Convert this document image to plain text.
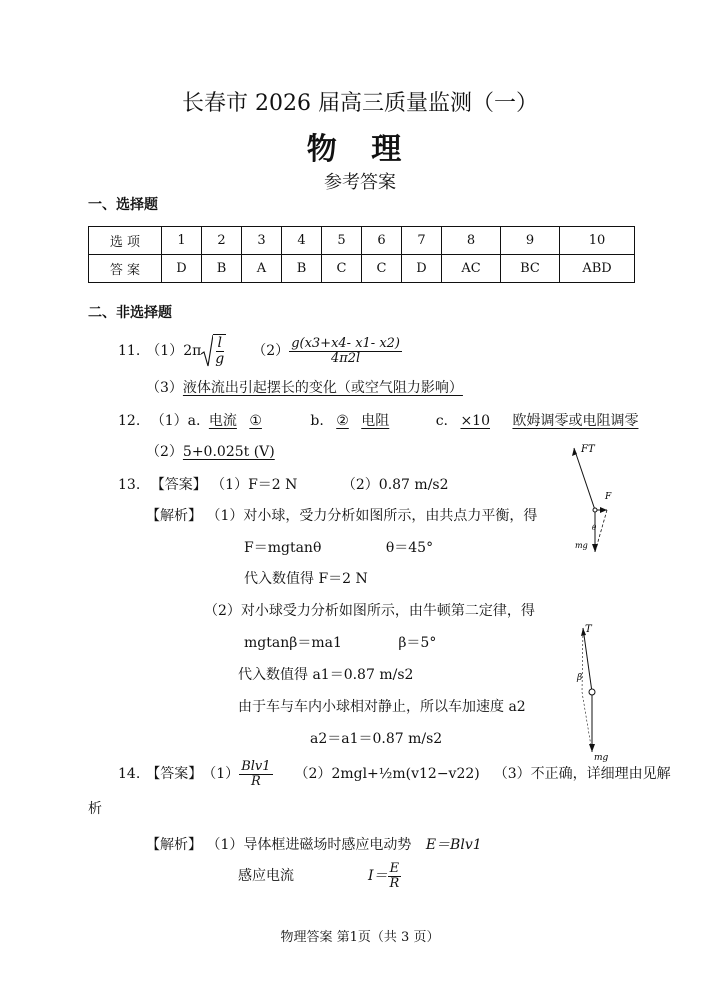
长春市 2026 届高三质量监测（一）
物 理
参考答案
一、选择题
选 项	1	2	3	4	5	6	7	8	9	10
答 案	D	B	A	B	C	C	D	AC	BC	ABD
二、非选择题
11. （1） $2\pi \frac{l}{g} (2) \frac{g(x3+x4- x1- x2)}{4\pi 2l}$
（3）液体流出引起摆长的变化（或空气阻力影响）
12. （1）a. 电流 ①	b. ② 电阻	c. ×10 欧姆调零或电阻调零
（2）5+0.025t (V)
13. 【答案】 （1）F＝2 N	（2）0.87 m/s2
【解析】 （1）对小球，受力分析如图所示，由共点力平衡，得
F＝mgtanθ	θ＝45°
代入数值得 F＝2 N
（2）对小球受力分析如图所示，由牛顿第二定律，得
mgtanβ＝ma1	β＝5°
代入数值得 a1＝0.87 m/s2
由于车与车内小球相对静止，所以车加速度 a2
a2＝a1＝0.87 m/s2
FT
F
θ
mg
T
β
mg
14. 【答案】 $(1) \frac{\text{Blv1}}{R} (2)$ 2mgl+½m(v12−v22) （3） 不正确，详细理由见解
析
【解析】 （1）导体框进磁场时感应电动势 E＝Blv1
感应电流	$I= \frac{E}{R}$
物理答案 第1页（共 3 页）
